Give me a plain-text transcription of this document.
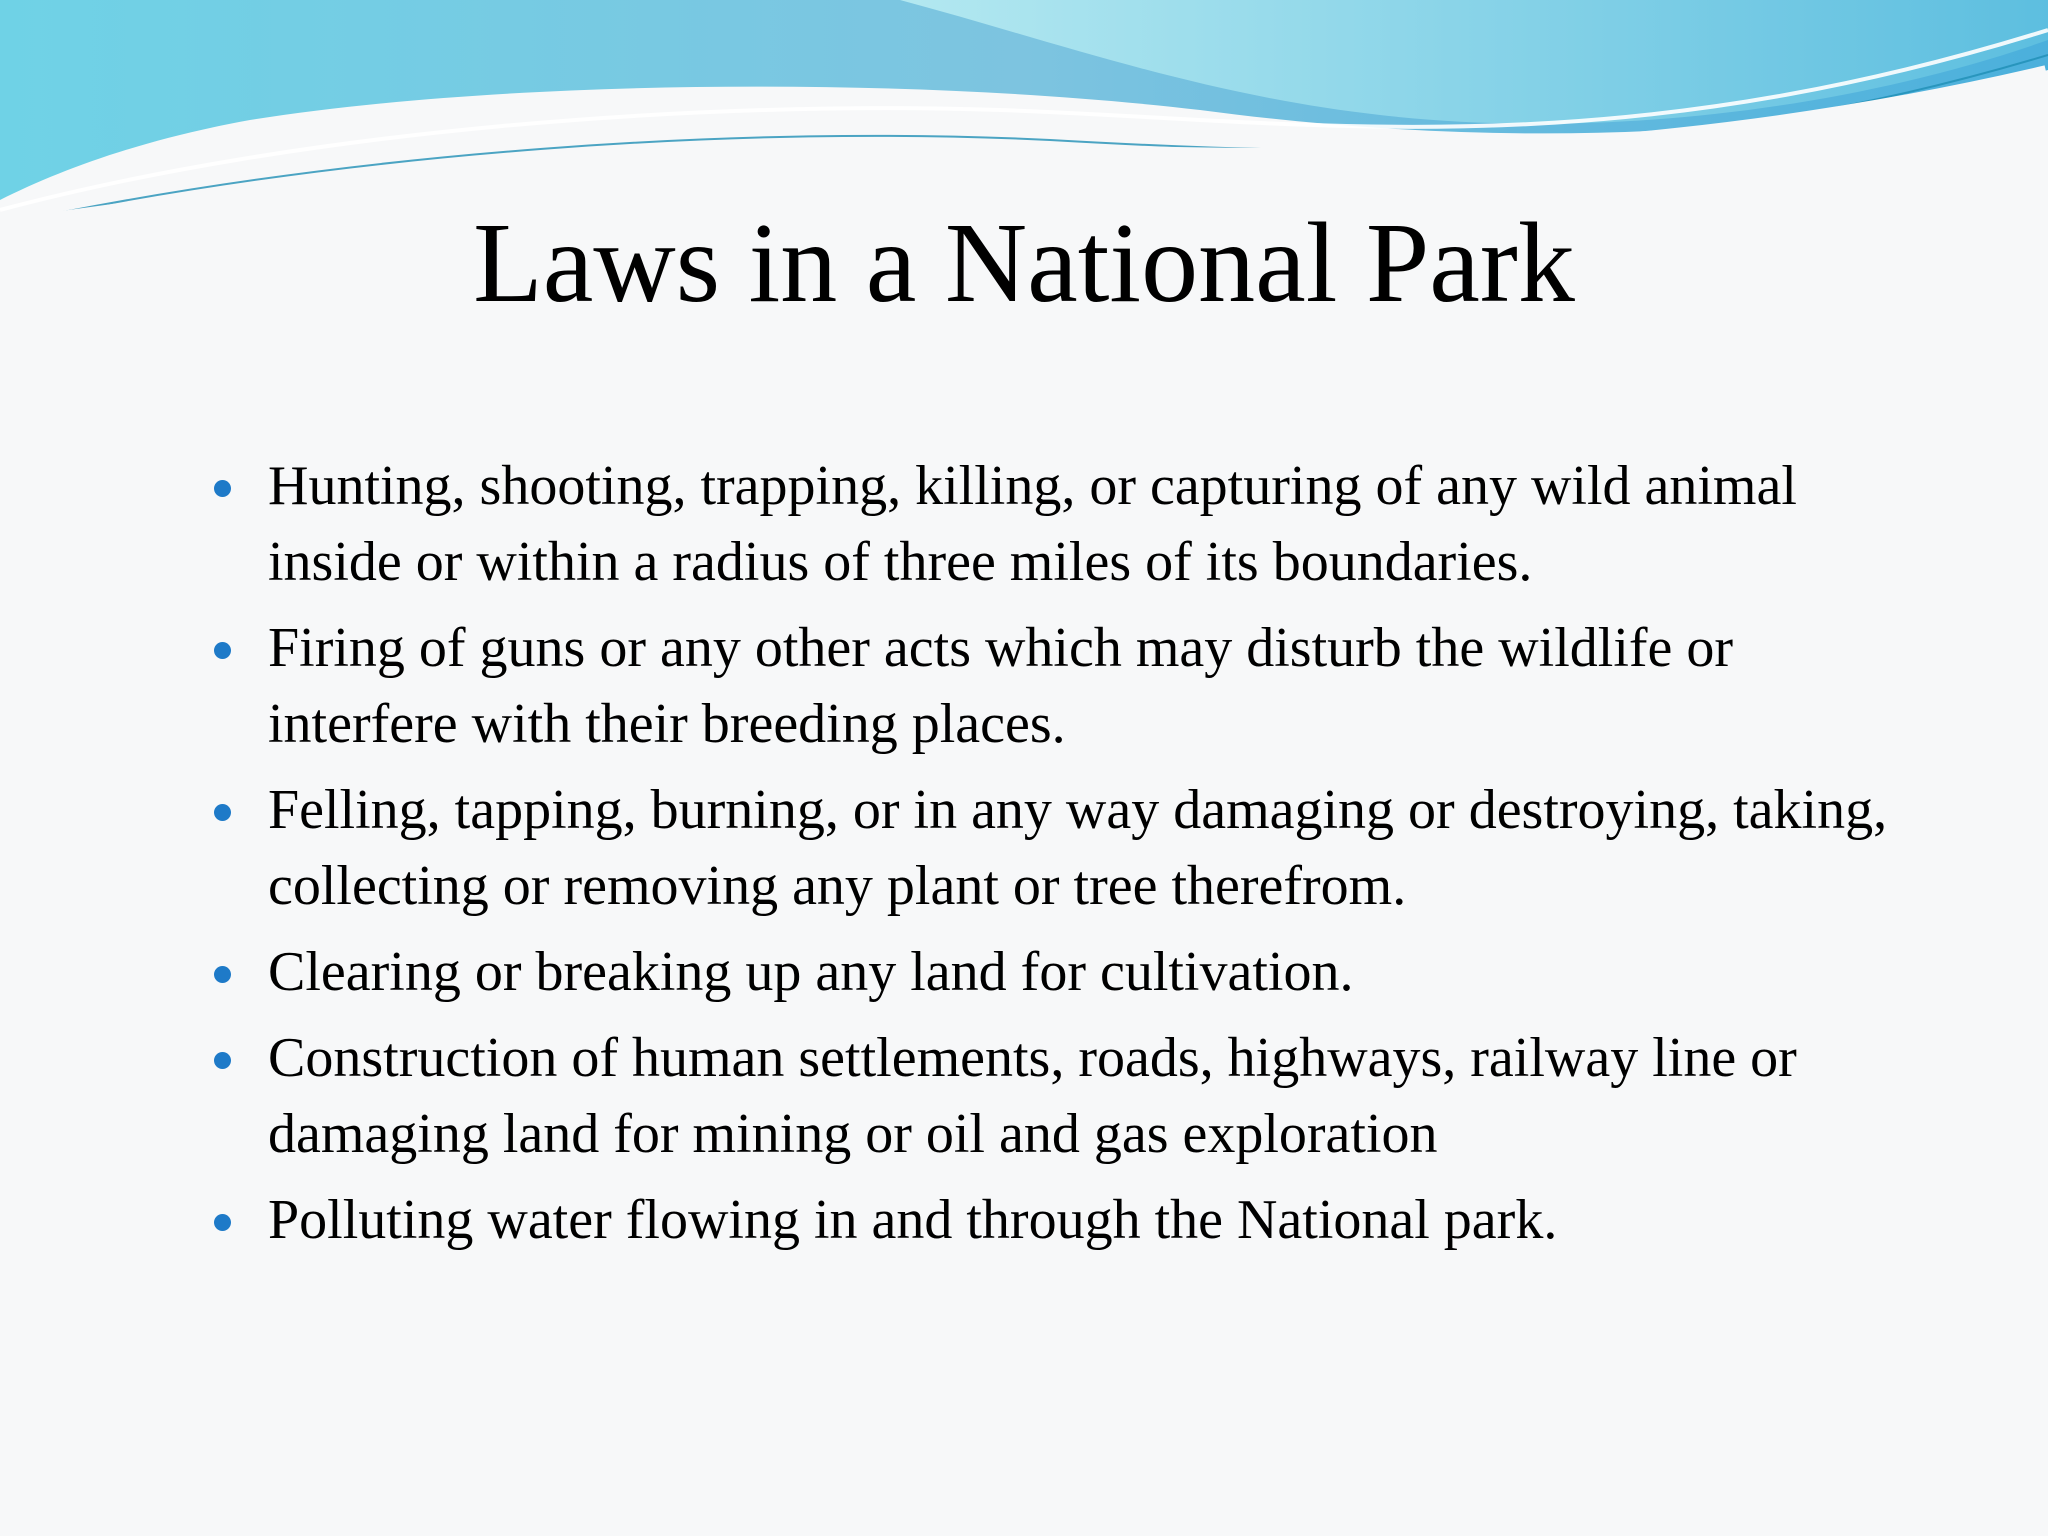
Laws in a National Park
Hunting, shooting, trapping, killing, or capturing of any wild animal inside or within a radius of three miles of its boundaries.
Firing of guns or any other acts which may disturb the wildlife or interfere with their breeding places.
Felling, tapping, burning, or in any way damaging or destroying, taking, collecting or removing any plant or tree therefrom.
Clearing or breaking up any land for cultivation.
Construction of human settlements, roads, highways, railway line or damaging land for mining or oil and gas exploration
Polluting water flowing in and through the National park.
